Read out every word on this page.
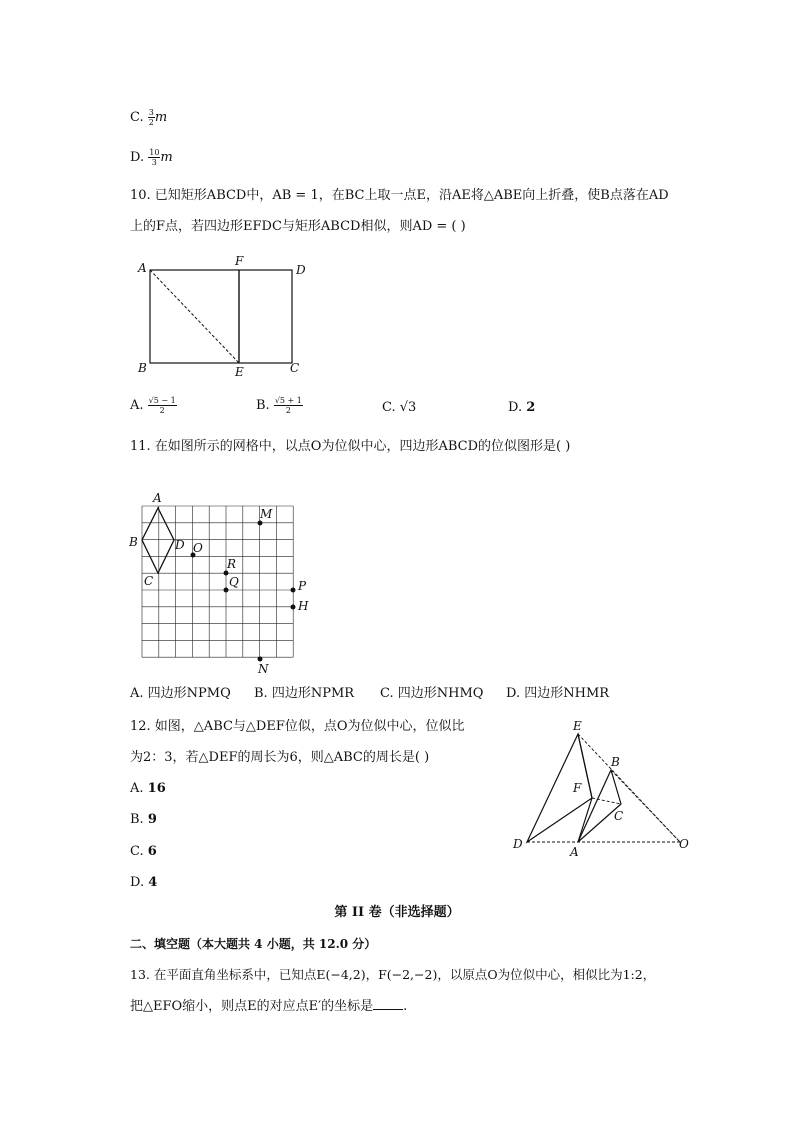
C. $\frac{3}{2}$ m
D. $\frac{10}{3}$ m
10. 已知矩形ABCD中，AB = 1，在BC上取一点E，沿AE将△ABE向上折叠，使B点落在AD
上的F点，若四边形EFDC与矩形ABCD相似，则AD = ( )
A	F
D
B	E	C
A. $\frac{√5 - 1}{2}$	B. $\frac{√5 + 1}{2}$	C. √3	D. 2
11. 在如图所示的网格中，以点O为位似中心，四边形ABCD的位似图形是( )
A
B
C
D O
M
R
Q	P
H
N
A. 四边形NPMQ	B. 四边形NPMR	C. 四边形NHMQ	D. 四边形NHMR
12. 如图，△ABC与△DEF位似，点O为位似中心，位似比
为2：3，若△DEF的周长为6，则△ABC的周长是( )
A. 16
B. 9
C. 6
D. 4
E
B
F
C
D
A
O
第 II 卷（非选择题）
二、填空题（本大题共 4 小题，共 12.0 分）
13. 在平面直角坐标系中，已知点E(−4,2)，F(−2,−2)，以原点O为位似中心，相似比为1:2，
把△EFO缩小，则点E的对应点E′的坐标是 .
